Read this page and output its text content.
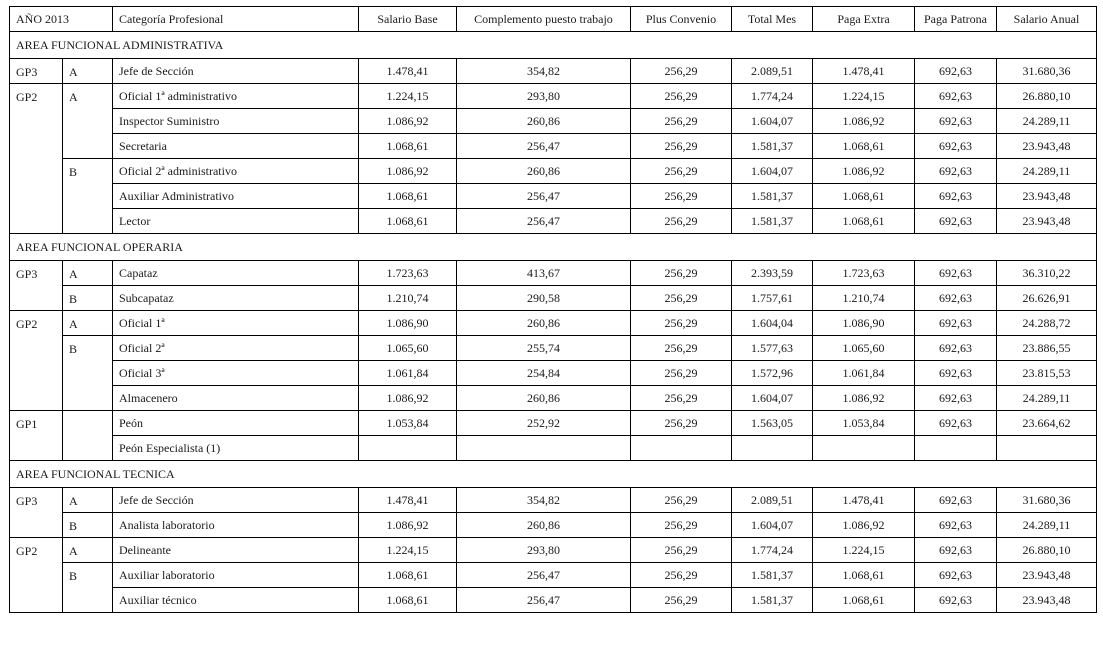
AÑO 2013		Categoría Profesional	Salario Base	Complemento puesto trabajo	Plus Convenio	Total Mes	Paga Extra	Paga Patrona	Salario Anual
AREA FUNCIONAL ADMINISTRATIVA									
GP3	A	Jefe de Sección	1.478,41	354,82	256,29	2.089,51	1.478,41	692,63	31.680,36
GP2	A	Oficial 1ª administrativo	1.224,15	293,80	256,29	1.774,24	1.224,15	692,63	26.880,10
		Inspector Suministro	1.086,92	260,86	256,29	1.604,07	1.086,92	692,63	24.289,11
		Secretaria	1.068,61	256,47	256,29	1.581,37	1.068,61	692,63	23.943,48
	B	Oficial 2ª administrativo	1.086,92	260,86	256,29	1.604,07	1.086,92	692,63	24.289,11
		Auxiliar Administrativo	1.068,61	256,47	256,29	1.581,37	1.068,61	692,63	23.943,48
		Lector	1.068,61	256,47	256,29	1.581,37	1.068,61	692,63	23.943,48
AREA FUNCIONAL OPERARIA									
GP3	A	Capataz	1.723,63	413,67	256,29	2.393,59	1.723,63	692,63	36.310,22
	B	Subcapataz	1.210,74	290,58	256,29	1.757,61	1.210,74	692,63	26.626,91
GP2	A	Oficial 1ª	1.086,90	260,86	256,29	1.604,04	1.086,90	692,63	24.288,72
	B	Oficial 2ª	1.065,60	255,74	256,29	1.577,63	1.065,60	692,63	23.886,55
		Oficial 3ª	1.061,84	254,84	256,29	1.572,96	1.061,84	692,63	23.815,53
		Almacenero	1.086,92	260,86	256,29	1.604,07	1.086,92	692,63	24.289,11
GP1		Peón	1.053,84	252,92	256,29	1.563,05	1.053,84	692,63	23.664,62
		Peón Especialista (1)							
AREA FUNCIONAL TECNICA									
GP3	A	Jefe de Sección	1.478,41	354,82	256,29	2.089,51	1.478,41	692,63	31.680,36
	B	Analista laboratorio	1.086,92	260,86	256,29	1.604,07	1.086,92	692,63	24.289,11
GP2	A	Delineante	1.224,15	293,80	256,29	1.774,24	1.224,15	692,63	26.880,10
	B	Auxiliar laboratorio	1.068,61	256,47	256,29	1.581,37	1.068,61	692,63	23.943,48
		Auxiliar técnico	1.068,61	256,47	256,29	1.581,37	1.068,61	692,63	23.943,48
